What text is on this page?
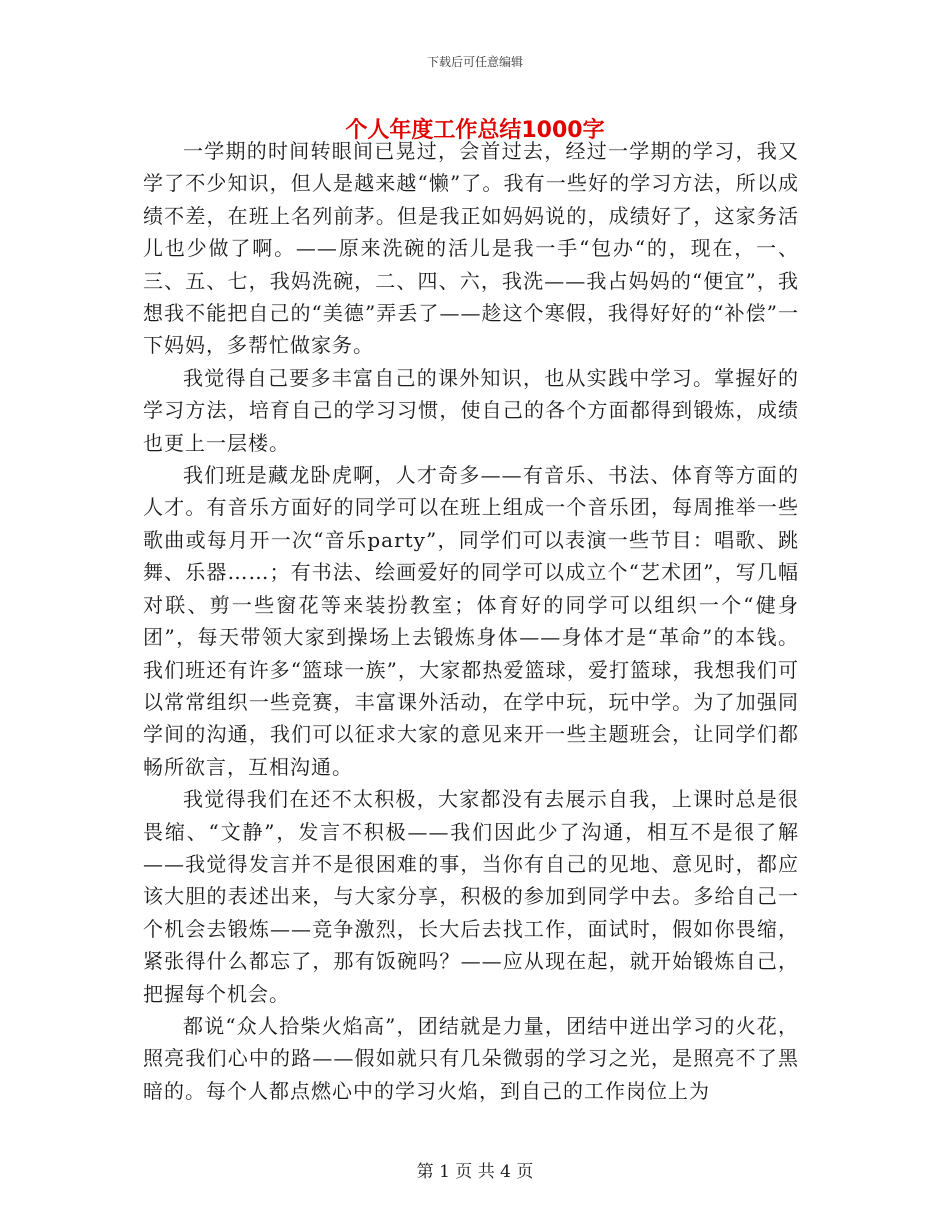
下载后可任意编辑
个人年度工作总结1000字

一学期的时间转眼间已晃过，会首过去，经过一学期的学习，我又学了不少知识，但人是越来越“懒”了。我有一些好的学习方法，所以成绩不差，在班上名列前茅。但是我正如妈妈说的，成绩好了，这家务活儿也少做了啊。——原来洗碗的活儿是我一手“包办“的，现在，一、三、五、七，我妈洗碗，二、四、六，我洗——我占妈妈的“便宜”，我想我不能把自己的“美德”弄丢了——趁这个寒假，我得好好的“补偿”一下妈妈，多帮忙做家务。

我觉得自己要多丰富自己的课外知识，也从实践中学习。掌握好的学习方法，培育自己的学习习惯，使自己的各个方面都得到锻炼，成绩也更上一层楼。

我们班是藏龙卧虎啊，人才奇多——有音乐、书法、体育等方面的人才。有音乐方面好的同学可以在班上组成一个音乐团，每周推举一些歌曲或每月开一次“音乐party”，同学们可以表演一些节目：唱歌、跳舞、乐器……；有书法、绘画爱好的同学可以成立个“艺术团”，写几幅对联、剪一些窗花等来装扮教室；体育好的同学可以组织一个“健身团”，每天带领大家到操场上去锻炼身体——身体才是“革命”的本钱。我们班还有许多“篮球一族”，大家都热爱篮球，爱打篮球，我想我们可以常常组织一些竞赛，丰富课外活动，在学中玩，玩中学。为了加强同学间的沟通，我们可以征求大家的意见来开一些主题班会，让同学们都畅所欲言，互相沟通。

我觉得我们在还不太积极，大家都没有去展示自我，上课时总是很畏缩、“文静”，发言不积极——我们因此少了沟通，相互不是很了解——我觉得发言并不是很困难的事，当你有自己的见地、意见时，都应该大胆的表述出来，与大家分享，积极的参加到同学中去。多给自己一个机会去锻炼——竞争激烈，长大后去找工作，面试时，假如你畏缩，紧张得什么都忘了，那有饭碗吗？——应从现在起，就开始锻炼自己，把握每个机会。

都说“众人拾柴火焰高”，团结就是力量，团结中迸出学习的火花，照亮我们心中的路——假如就只有几朵微弱的学习之光，是照亮不了黑暗的。每个人都点燃心中的学习火焰，到自己的工作岗位上为

第 1 页 共 4 页
